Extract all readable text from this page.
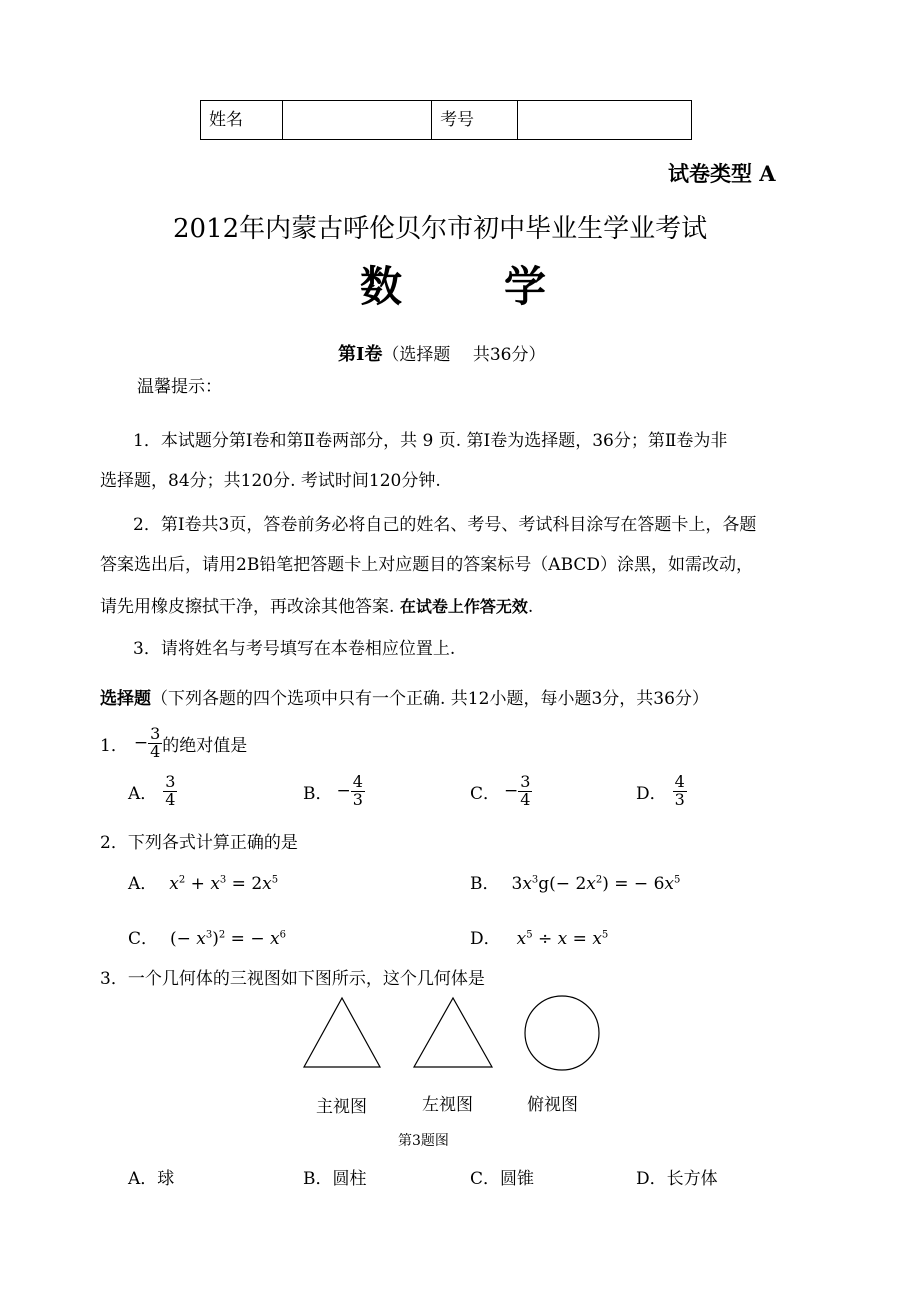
姓名	考号
试卷类型 A
2012年内蒙古呼伦贝尔市初中毕业生学业考试
数　　学
第Ⅰ卷（选择题　 共36分）
温馨提示：
1．本试题分第I卷和第Ⅱ卷两部分，共 9 页. 第I卷为选择题，36分；第Ⅱ卷为非
选择题，84分；共120分. 考试时间120分钟.
2．第I卷共3页，答卷前务必将自己的姓名、考号、考试科目涂写在答题卡上，各题
答案选出后，请用2B铅笔把答题卡上对应题目的答案标号（ABCD）涂黑，如需改动，
请先用橡皮擦拭干净，再改涂其他答案. 在试卷上作答无效.
3．请将姓名与考号填写在本卷相应位置上.
选择题（下列各题的四个选项中只有一个正确. 共12小题，每小题3分，共36分）
1． − $\frac{3}{4}$ 的绝对值是
A． $\frac{3}{4}$	B． − $\frac{4}{3}$	C． − $\frac{3}{4}$	D． $\frac{4}{3}$
2．下列各式计算正确的是
A． $x^2 + x^3 = 2x^5$	B． $3x^3g(- 2x^2)$ = − $6x^5$
C． (− $x^3)^2$ = − $x^6$	D． $x^5 \div x = x^5$
3．一个几何体的三视图如下图所示，这个几何体是
主视图	左视图	俯视图
第3题图
A．球	B．圆柱	C．圆锥	D．长方体
